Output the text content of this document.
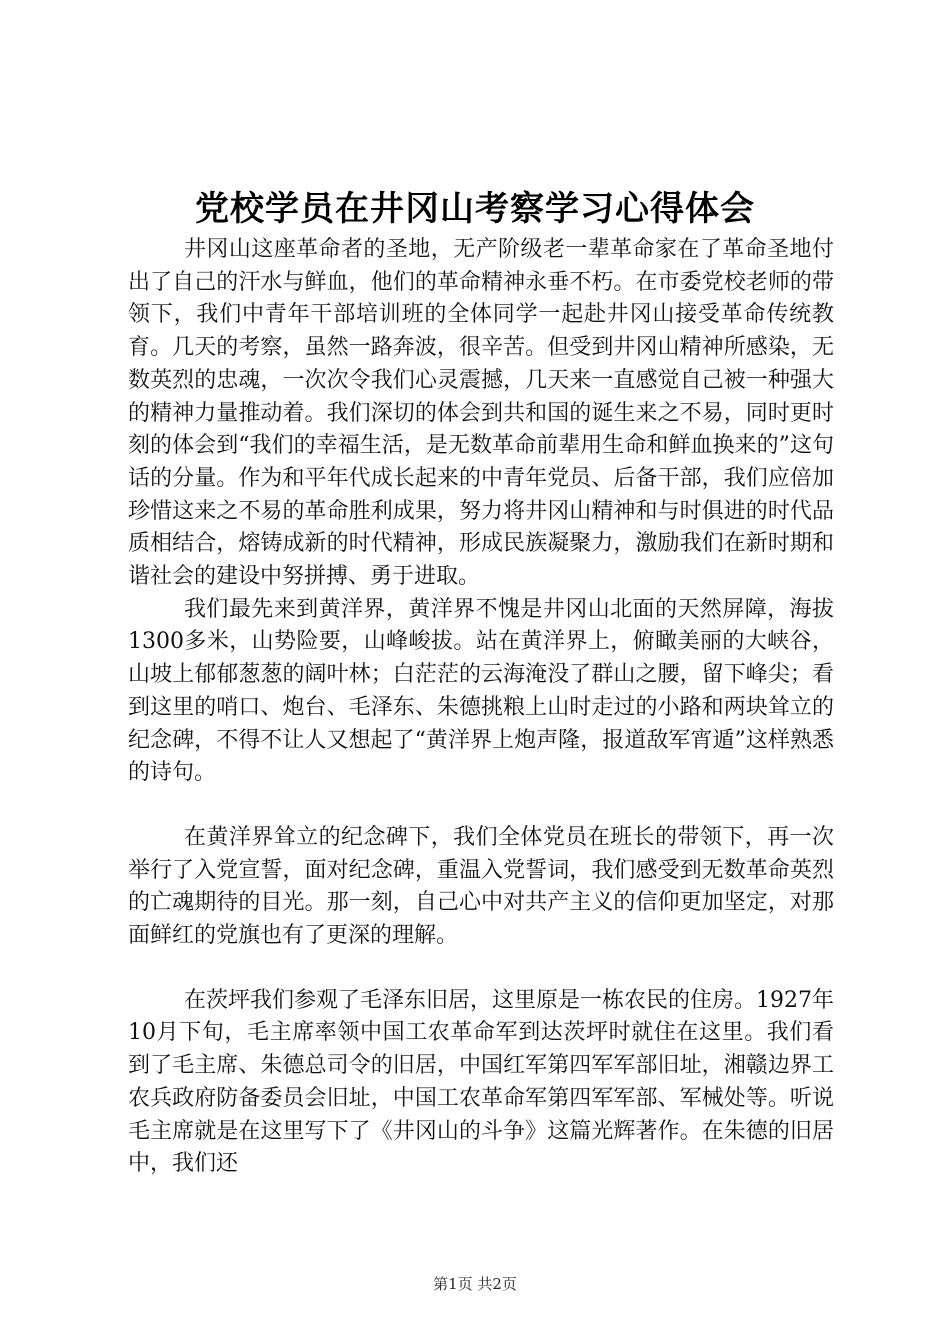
党校学员在井冈山考察学习心得体会

井冈山这座革命者的圣地，无产阶级老一辈革命家在了革命圣地付出了自己的汗水与鲜血，他们的革命精神永垂不朽。在市委党校老师的带领下，我们中青年干部培训班的全体同学一起赴井冈山接受革命传统教育。几天的考察，虽然一路奔波，很辛苦。但受到井冈山精神所感染，无数英烈的忠魂，一次次令我们心灵震撼，几天来一直感觉自己被一种强大的精神力量推动着。我们深切的体会到共和国的诞生来之不易，同时更时刻的体会到“我们的幸福生活，是无数革命前辈用生命和鲜血换来的”这句话的分量。作为和平年代成长起来的中青年党员、后备干部，我们应倍加珍惜这来之不易的革命胜利成果，努力将井冈山精神和与时俱进的时代品质相结合，熔铸成新的时代精神，形成民族凝聚力，激励我们在新时期和谐社会的建设中努拼搏、勇于进取。

我们最先来到黄洋界，黄洋界不愧是井冈山北面的天然屏障，海拔1300多米，山势险要，山峰峻拔。站在黄洋界上，俯瞰美丽的大峡谷，山坡上郁郁葱葱的阔叶林；白茫茫的云海淹没了群山之腰，留下峰尖；看到这里的哨口、炮台、毛泽东、朱德挑粮上山时走过的小路和两块耸立的纪念碑，不得不让人又想起了“黄洋界上炮声隆，报道敌军宵遁”这样熟悉的诗句。

在黄洋界耸立的纪念碑下，我们全体党员在班长的带领下，再一次举行了入党宣誓，面对纪念碑，重温入党誓词，我们感受到无数革命英烈的亡魂期待的目光。那一刻，自己心中对共产主义的信仰更加坚定，对那面鲜红的党旗也有了更深的理解。

在茨坪我们参观了毛泽东旧居，这里原是一栋农民的住房。1927年10月下旬，毛主席率领中国工农革命军到达茨坪时就住在这里。我们看到了毛主席、朱德总司令的旧居，中国红军第四军军部旧址，湘赣边界工农兵政府防备委员会旧址，中国工农革命军第四军军部、军械处等。听说毛主席就是在这里写下了《井冈山的斗争》这篇光辉著作。在朱德的旧居中，我们还

第1页 共2页
